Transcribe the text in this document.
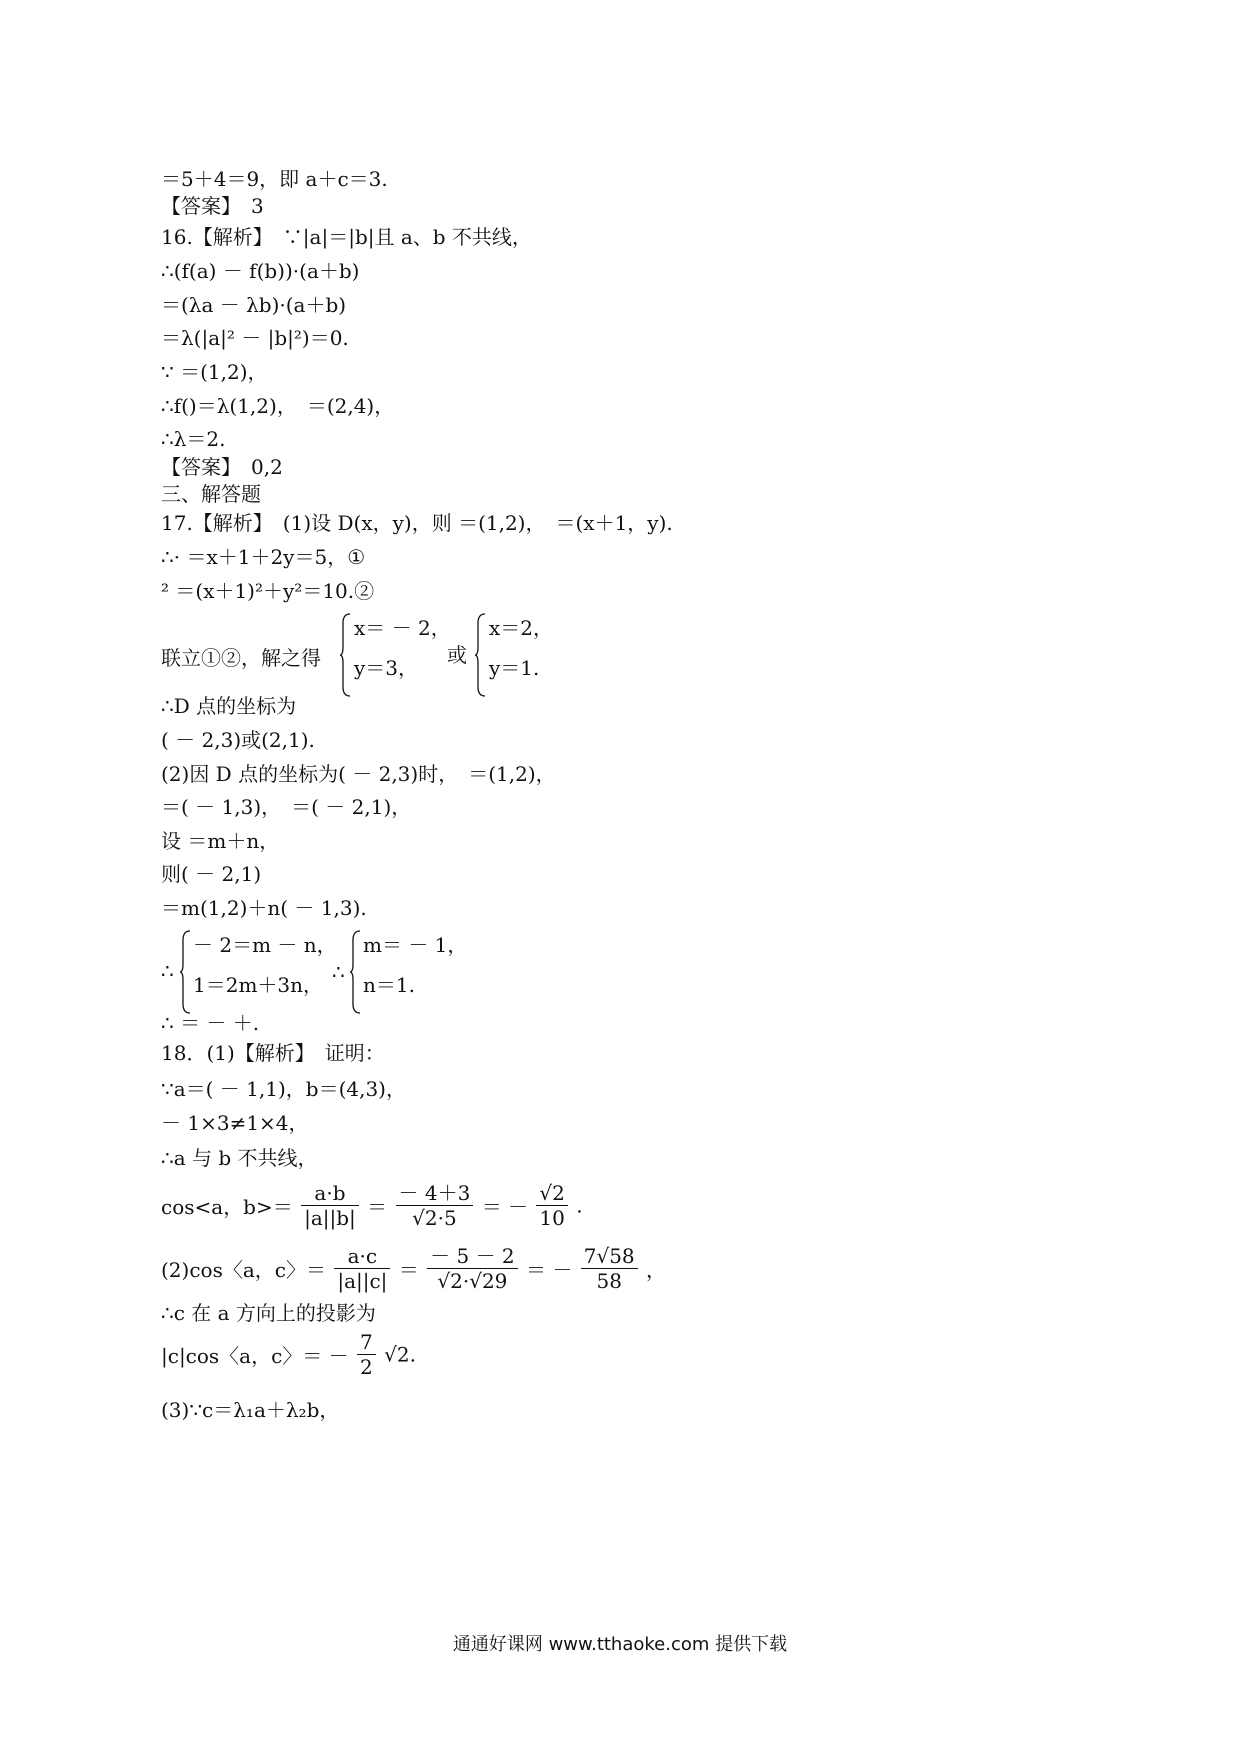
＝5＋4＝9，即 a＋c＝3.
【答案】　3
16.【解析】　∵|a|＝|b|且 a、b 不共线，
∴(f(a) － f(b))·(a＋b)
＝(λa － λb)·(a＋b)
＝λ(|a|² － |b|²)＝0.
∵ ＝(1,2)，
∴f()＝λ(1,2)，　＝(2,4)，
∴λ＝2.
【答案】　0,2
三、解答题
17.【解析】　(1)设 D(x，y)，则 ＝(1,2)，　＝(x＋1，y).
∴· ＝x＋1＋2y＝5，①
² ＝(x＋1)²＋y²＝10.②
联立①②，解之得
x＝ － 2，
y＝3，
或
x＝2，
y＝1.
∴D 点的坐标为
( － 2,3)或(2,1).
(2)因 D 点的坐标为( － 2,3)时，　＝(1,2)，
＝( － 1,3)，　＝( － 2,1)，
设 ＝m＋n，
则( － 2,1)
＝m(1,2)＋n( － 1,3).
∴
－ 2＝m － n，
1＝2m＋3n，
∴
m＝ － 1，
n＝1.
∴ ＝ － ＋.
18．(1)【解析】　证明：
∵a＝( － 1,1)，b＝(4,3)，
－ 1×3≠1×4，
∴a 与 b 不共线，
cos<a，$b>= \frac{a\cdot b}{|a||b|} = \frac{- 4+3}{√2\cdot 5}$ ＝ － $\frac{√2}{10}$ .
(2)cos〈a，c〉＝ $\frac{a\cdot c}{|a||c|} = \frac{- 5 - 2}{√2\cdot√29}$ ＝ － $\frac{7√58}{58}$ ，
∴c 在 a 方向上的投影为
|c|cos〈a，c〉＝ － $\frac{7}{2} √2$.
(3)∵c＝λ₁a＋λ₂b，
通通好课网 www.tthaoke.com 提供下载
